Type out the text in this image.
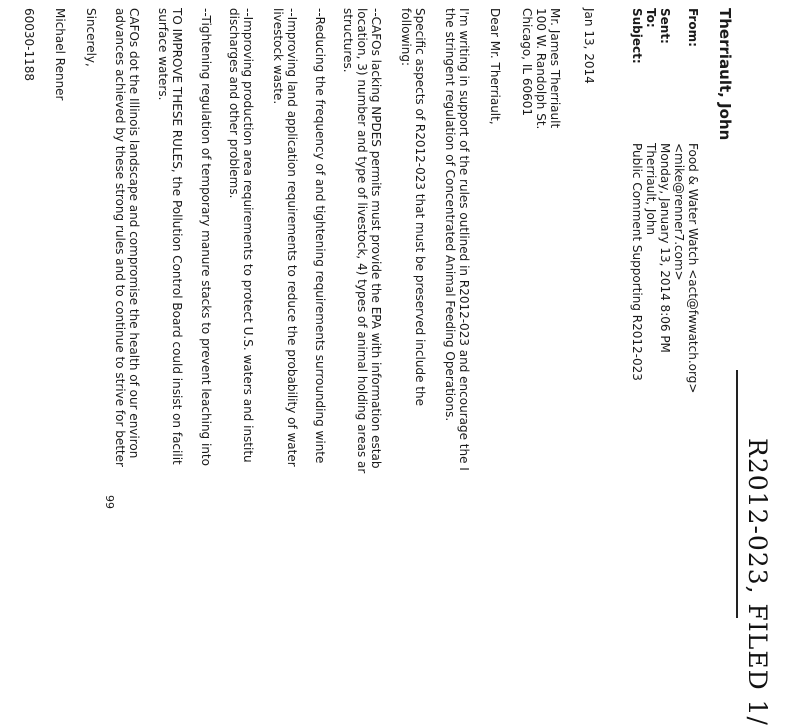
R2012-023, FILED 1/
Therriault, John
From:
Food & Water Watch <act@fwwatch.org>
<mike@renner7.com>
Sent:
Monday, January 13, 2014 8:06 PM
To:
Therriault, John
Subject:
Public Comment Supporting R2012-023
Jan 13, 2014
Mr. James Therriault
100 W. Randolph St.
Chicago, IL 60601
Dear Mr. Therriault,
I'm writing in support of the rules outlined in R2012-023 and encourage the I
the stringent regulation of Concentrated Animal Feeding Operations.
Specific aspects of R2012-023 that must be preserved include the
following:
--CAFOs lacking NPDES permits must provide the EPA with information estab
location, 3) number and type of livestock, 4) types of animal holding areas ar
structures.
--Reducing the frequency of and tightening requirements surrounding winte
--Improving land application requirements to reduce the probability of water
livestock waste.
--Improving production area requirements to protect U.S. waters and institu
discharges and other problems.
--Tightening regulation of temporary manure stacks to prevent leaching into
TO IMPROVE THESE RULES, the Pollution Control Board could insist on facilit
surface waters.
CAFOs dot the Illinois landscape and compromise the health of our environ
advances achieved by these strong rules and to continue to strive for better
Sincerely,
Michael Renner
60030-1188
99
